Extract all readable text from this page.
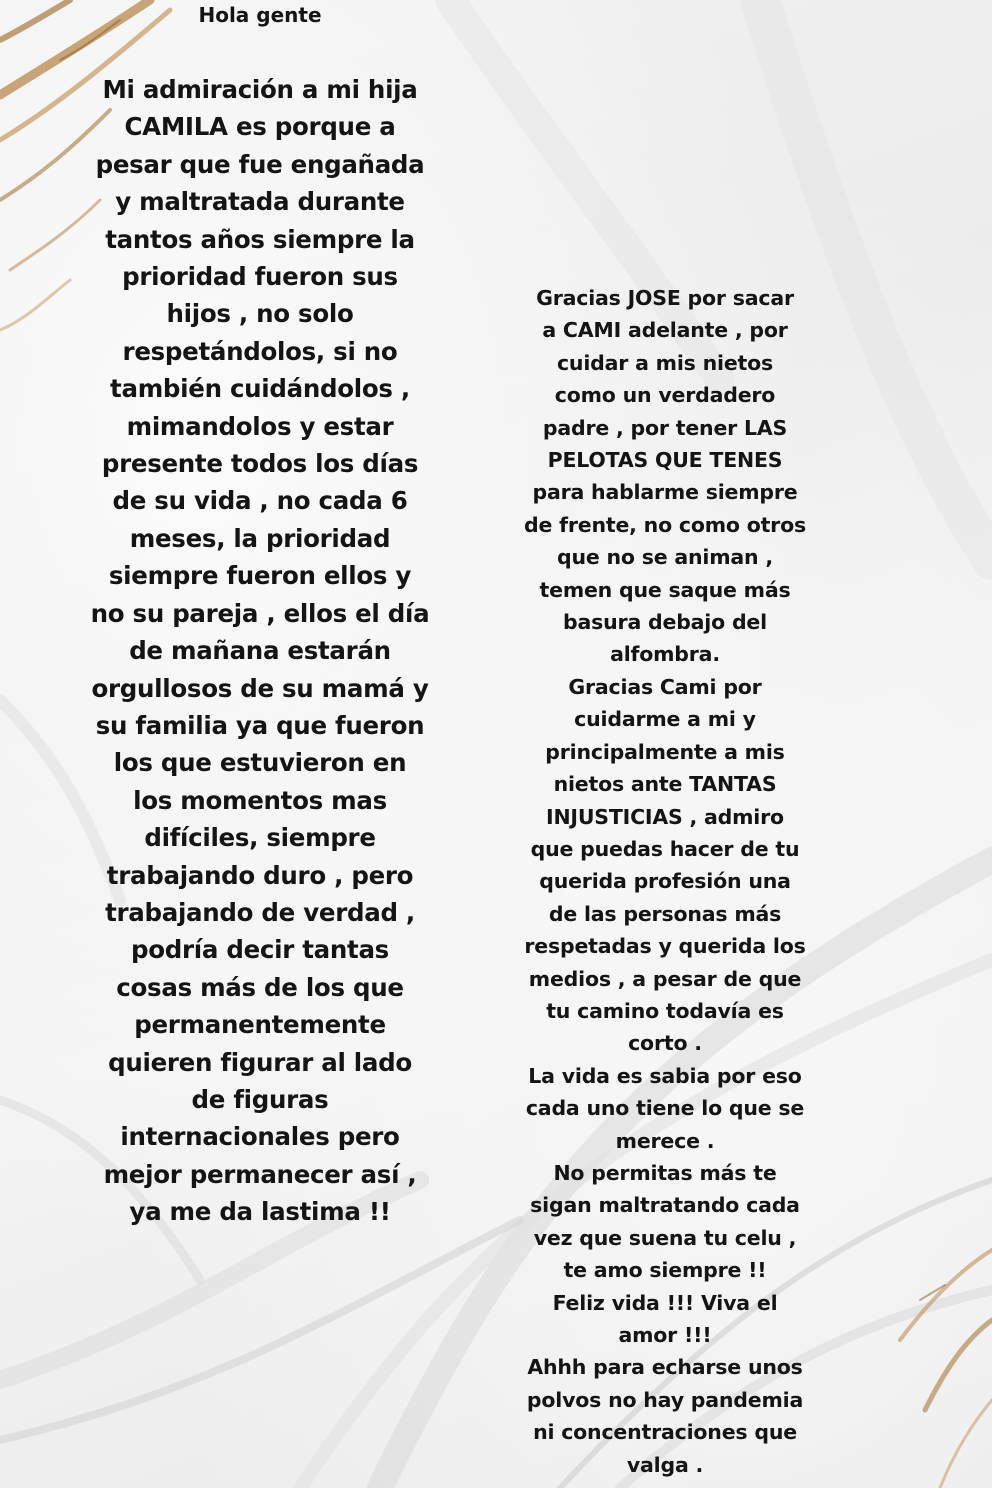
Hola gente
Mi admiración a mi hija
CAMILA es porque a
pesar que fue engañada
y maltratada durante
tantos años siempre la
prioridad fueron sus
hijos , no solo
respetándolos, si no
también cuidándolos ,
mimandolos y estar
presente todos los días
de su vida , no cada 6
meses, la prioridad
siempre fueron ellos y
no su pareja , ellos el día
de mañana estarán
orgullosos de su mamá y
su familia ya que fueron
los que estuvieron en
los momentos mas
difíciles, siempre
trabajando duro , pero
trabajando de verdad ,
podría decir tantas
cosas más de los que
permanentemente
quieren figurar al lado
de figuras
internacionales pero
mejor permanecer así ,
ya me da lastima !!
Gracias JOSE por sacar
a CAMI adelante , por
cuidar a mis nietos
como un verdadero
padre , por tener LAS
PELOTAS QUE TENES
para hablarme siempre
de frente, no como otros
que no se animan ,
temen que saque más
basura debajo del
alfombra.
Gracias Cami por
cuidarme a mi y
principalmente a mis
nietos ante TANTAS
INJUSTICIAS , admiro
que puedas hacer de tu
querida profesión una
de las personas más
respetadas y querida los
medios , a pesar de que
tu camino todavía es
corto .
La vida es sabia por eso
cada uno tiene lo que se
merece .
No permitas más te
sigan maltratando cada
vez que suena tu celu ,
te amo siempre !!
Feliz vida !!! Viva el
amor !!!
Ahhh para echarse unos
polvos no hay pandemia
ni concentraciones que
valga .
